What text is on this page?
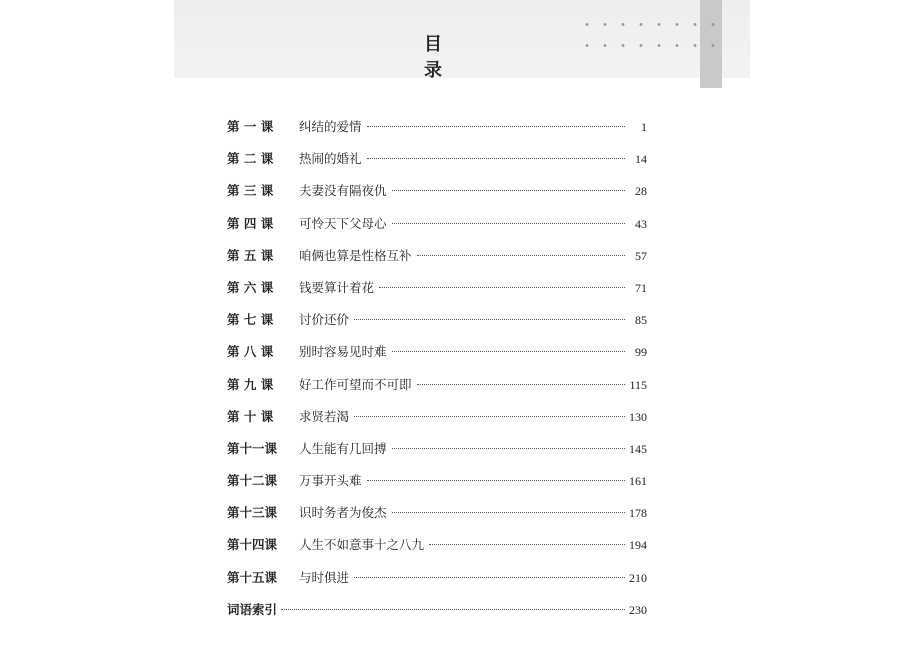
目 录
第 一 课	纠结的爱情	1
第 二 课	热闹的婚礼	14
第 三 课	夫妻没有隔夜仇	28
第 四 课	可怜天下父母心	43
第 五 课	咱俩也算是性格互补	57
第 六 课	钱要算计着花	71
第 七 课	讨价还价	85
第 八 课	别时容易见时难	99
第 九 课	好工作可望而不可即	115
第 十 课	求贤若渴	130
第十一课	人生能有几回搏	145
第十二课	万事开头难	161
第十三课	识时务者为俊杰	178
第十四课	人生不如意事十之八九	194
第十五课	与时俱进	210
词语索引	230
